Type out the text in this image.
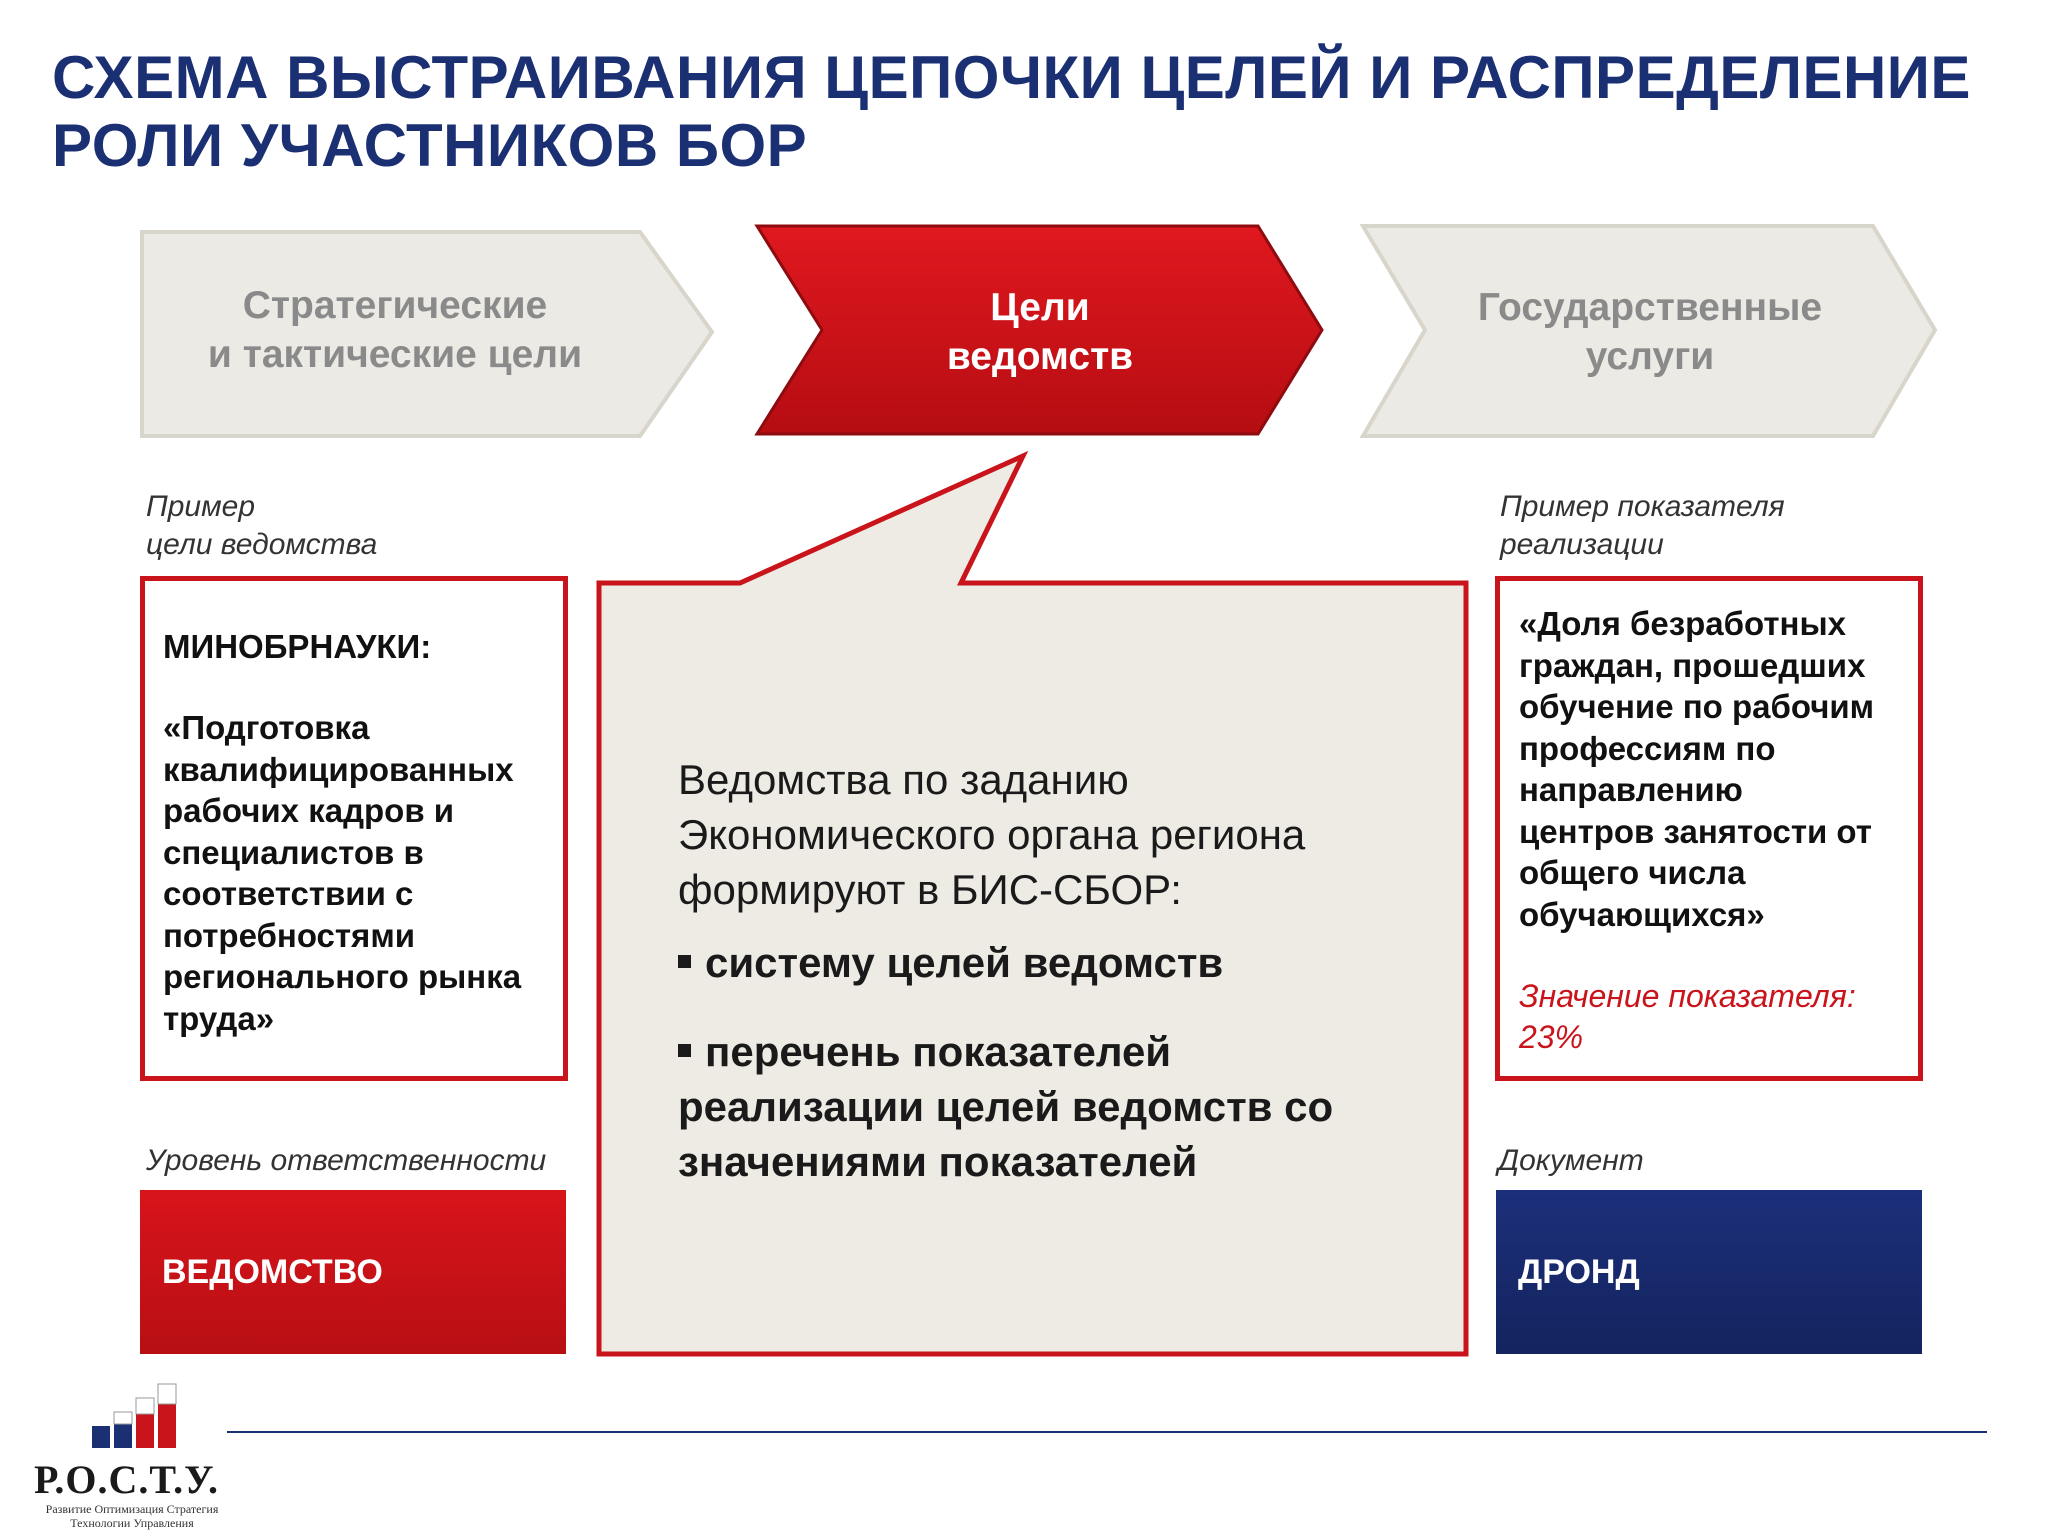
СХЕМА ВЫСТРАИВАНИЯ ЦЕПОЧКИ ЦЕЛЕЙ И РАСПРЕДЕЛЕНИЕ
РОЛИ УЧАСТНИКОВ БОР
Стратегические
и тактические цели
Цели
ведомств
Государственные
услуги
Пример
цели ведомства
МИНОБРНАУКИ:
«Подготовка
квалифицированных
рабочих кадров и
специалистов в
соответствии с
потребностями
регионального рынка
труда»
Уровень ответственности
ВЕДОМСТВО
Ведомства по заданию
Экономического органа региона
формируют в БИС-СБОР:
систему целей ведомств
перечень показателей
реализации целей ведомств со
значениями показателей
Пример показателя
реализации
«Доля безработных
граждан, прошедших
обучение по рабочим
профессиям по
направлению
центров занятости от
общего числа
обучающихся»
Значение показателя:
23%
Документ
ДРОНД
Р.О.С.Т.У.
Развитие Оптимизация Стратегия
Технологии Управления
